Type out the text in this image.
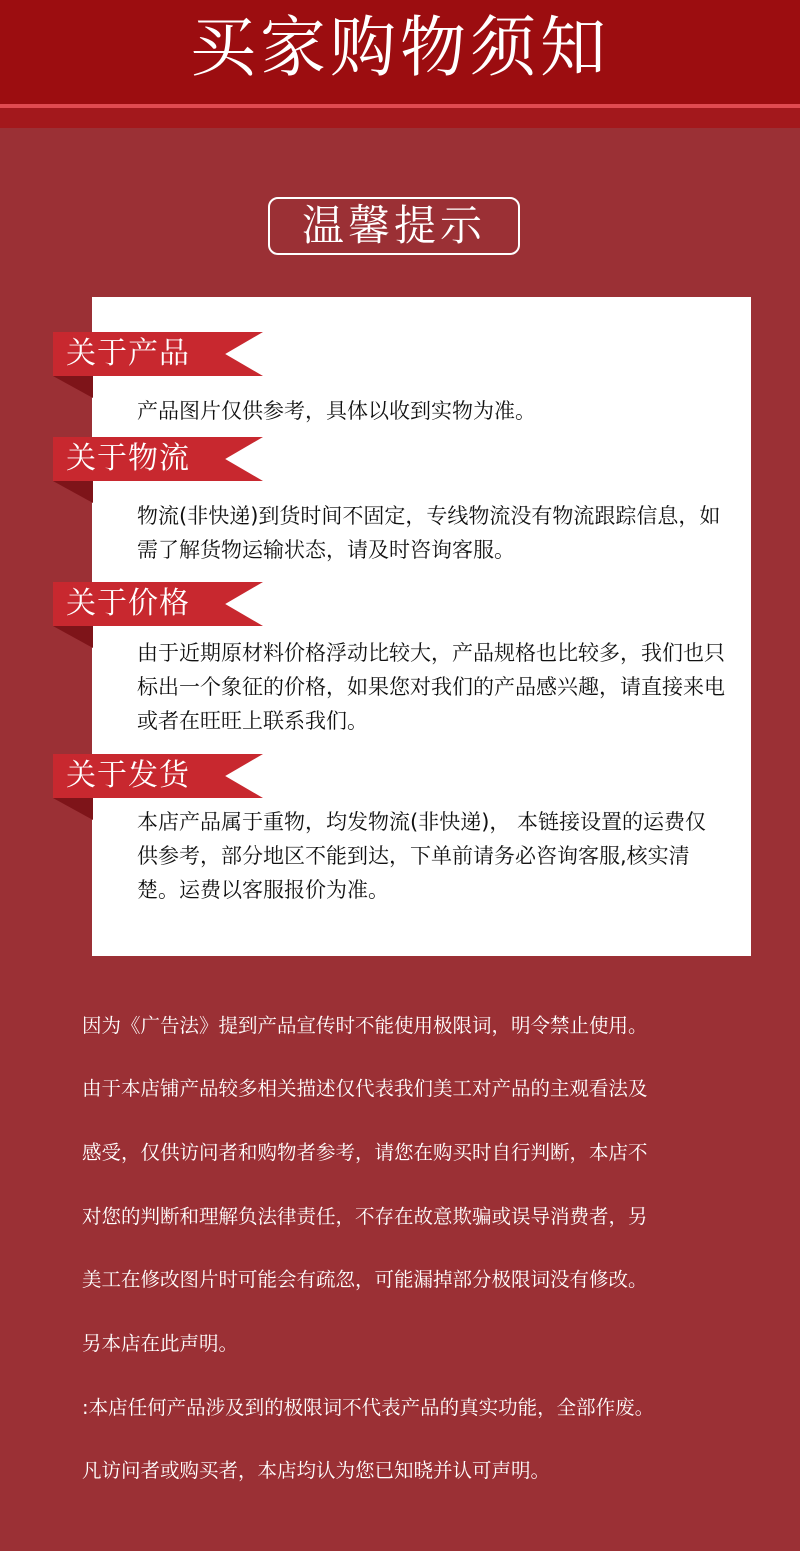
买家购物须知
温馨提示
关于产品

产品图片仅供参考，具体以收到实物为准。

关于物流

物流(非快递)到货时间不固定，专线物流没有物流跟踪信息，如需了解货物运输状态，请及时咨询客服。

关于价格

由于近期原材料价格浮动比较大，产品规格也比较多，我们也只标出一个象征的价格，如果您对我们的产品感兴趣，请直接来电或者在旺旺上联系我们。

关于发货

本店产品属于重物，均发物流(非快递)， 本链接设置的运费仅供参考，部分地区不能到达，下单前请务必咨询客服,核实清楚。运费以客服报价为准。

因为《广告法》提到产品宣传时不能使用极限词，明令禁止使用。

由于本店铺产品较多相关描述仅代表我们美工对产品的主观看法及

感受，仅供访问者和购物者参考，请您在购买时自行判断，本店不

对您的判断和理解负法律责任，不存在故意欺骗或误导消费者，另

美工在修改图片时可能会有疏忽，可能漏掉部分极限词没有修改。

另本店在此声明。

:本店任何产品涉及到的极限词不代表产品的真实功能，全部作废。

凡访问者或购买者，本店均认为您已知晓并认可声明。
